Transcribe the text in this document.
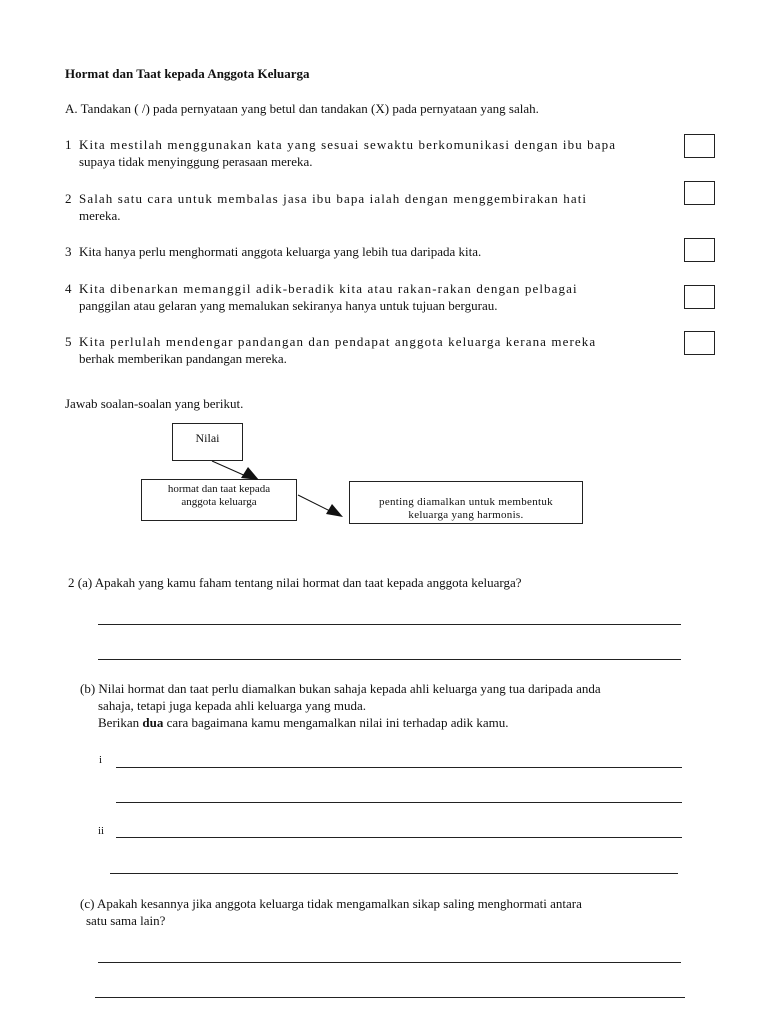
Hormat dan Taat kepada Anggota Keluarga
A. Tandakan ( /) pada pernyataan yang betul dan tandakan (X) pada pernyataan yang salah.
1 Kita mestilah menggunakan kata yang sesuai sewaktu berkomunikasi dengan ibu bapa
supaya tidak menyinggung perasaan mereka.
2 Salah satu cara untuk membalas jasa ibu bapa ialah dengan menggembirakan hati
mereka.
3 Kita hanya perlu menghormati anggota keluarga yang lebih tua daripada kita.
4 Kita dibenarkan memanggil adik-beradik kita atau rakan-rakan dengan pelbagai
panggilan atau gelaran yang memalukan sekiranya hanya untuk tujuan bergurau.
5 Kita perlulah mendengar pandangan dan pendapat anggota keluarga kerana mereka
berhak memberikan pandangan mereka.
Jawab soalan-soalan yang berikut.
Nilai
hormat dan taat kepada
anggota keluarga	penting diamalkan untuk membentuk
keluarga yang harmonis.
2 (a) Apakah yang kamu faham tentang nilai hormat dan taat kepada anggota keluarga?
(b) Nilai hormat dan taat perlu diamalkan bukan sahaja kepada ahli keluarga yang tua daripada anda
sahaja, tetapi juga kepada ahli keluarga yang muda.
Berikan dua cara bagaimana kamu mengamalkan nilai ini terhadap adik kamu.
i
ii
(c) Apakah kesannya jika anggota keluarga tidak mengamalkan sikap saling menghormati antara
satu sama lain?
